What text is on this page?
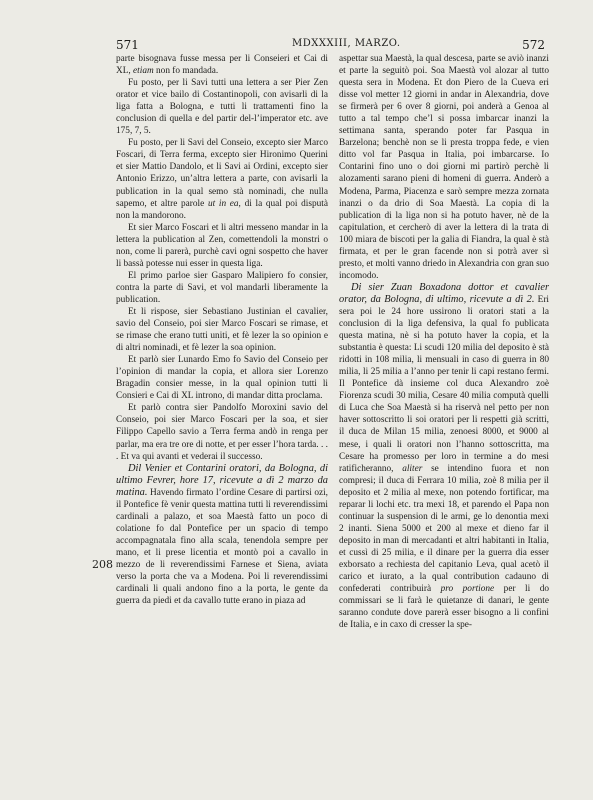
571	MDXXXIII, MARZO.	572
208

parte bisognava fusse messa per li Conseieri et Cai di XL, etiam non fo mandada.

Fu posto, per li Savi tutti una lettera a ser Pier Zen orator et vice bailo di Costantinopoli, con avisarli di la liga fatta a Bologna, e tutti li trattamenti fino la conclusion di quella e del partir del-l’imperator etc. ave 175, 7, 5.

Fu posto, per li Savi del Conseio, excepto sier Marco Foscari, di Terra ferma, excepto sier Hironimo Querini et sier Mattio Dandolo, et li Savi ai Ordini, excepto sier Antonio Erizzo, un’altra lettera a parte, con avisarli la publication in la qual semo stà nominadi, che nulla sapemo, et altre parole ut in ea, di la qual poi disputà non la mandorono.

Et sier Marco Foscari et li altri messeno mandar in la lettera la publication al Zen, comettendoli la monstri o non, come li parerà, purchè cavi ogni sospetto che haver li bassà potesse nui esser in questa liga.

El primo parloe sier Gasparo Malipiero fo consier, contra la parte di Savi, et vol mandarli liberamente la publication.

Et li rispose, sier Sebastiano Justinian el cavalier, savio del Conseio, poi sier Marco Foscari se rimase, et se rimase che erano tutti uniti, et fè lezer la so opinion e di altri nominadi, et fè lezer la soa opinion.

Et parlò sier Lunardo Emo fo Savio del Conseio per l’opinion di mandar la copia, et allora sier Lorenzo Bragadin consier messe, in la qual opinion tutti li Consieri e Cai di XL introno, di mandar ditta proclama.

Et parlò contra sier Pandolfo Moroxini savio del Conseio, poi sier Marco Foscari per la soa, et sier Filippo Capello savio a Terra ferma andò in renga per parlar, ma era tre ore di notte, et per esser l’hora tarda. . . . Et va qui avanti et vederai il successo.

Dil Venier et Contarini oratori, da Bologna, di ultimo Fevrer, hore 17, ricevute a dì 2 marzo da matina. Havendo firmato l’ordine Cesare di partirsi ozi, il Pontefice fè venir questa mattina tutti li reverendissimi cardinali a palazo, et soa Maestà fatto un poco di colatione fo dal Pontefice per un spacio di tempo accompagnatala fino alla scala, tenendola sempre per mano, et li prese licentia et montò poi a cavallo in mezzo de li reverendissimi Farnese et Siena, aviata verso la porta che va a Modena. Poi li reverendissimi cardinali li quali andono fino a la porta, le gente da guerra da piedi et da cavallo tutte erano in piaza ad

aspettar sua Maestà, la qual descesa, parte se aviò inanzi et parte la seguitò poi. Soa Maestà vol alozar al tutto questa sera in Modena. Et don Piero de la Cueva eri disse vol metter 12 giorni in andar in Alexandria, dove se firmerà per 6 over 8 giorni, poi anderà a Genoa al tutto a tal tempo che’l si possa imbarcar inanzi la settimana santa, sperando poter far Pasqua in Barzelona; benchè non se li presta troppa fede, e vien ditto vol far Pasqua in Italia, poi imbarcarse. Io Contarini fino uno o doi giorni mi partirò perchè li alozamenti sarano pieni di homeni di guerra. Anderò a Modena, Parma, Piacenza e sarò sempre mezza zornata inanzi o da drio di Soa Maestà. La copia di la publication di la liga non si ha potuto haver, nè de la capitulation, et cercherò di aver la lettera di la trata di 100 miara de biscoti per la galia di Fiandra, la qual è stà firmata, et per le gran facende non si potrà aver sì presto, et molti vanno driedo in Alexandria con gran suo incomodo.

Di sier Zuan Boxadona dottor et cavalier orator, da Bologna, di ultimo, ricevute a dì 2. Eri sera poi le 24 hore ussirono li oratori stati a la conclusion di la liga defensiva, la qual fo publicata questa matina, nè si ha potuto haver la copia, et la substantia è questa: Li scudi 120 milia del deposito è stà ridotti in 108 milia, li mensuali in caso di guerra in 80 milia, li 25 milia a l’anno per tenir li capi restano fermi. Il Pontefice dà insieme col duca Alexandro zoè Fiorenza scudi 30 milia, Cesare 40 milia computà quelli di Luca che Soa Maestà si ha riservà nel petto per non haver sottoscritto li soi oratori per li respetti già scritti, il duca de Milan 15 milia, zenoesi 8000, et 9000 al mese, i quali li oratori non l’hanno sottoscritta, ma Cesare ha promesso per loro in termine a do mesi ratificheranno, aliter se intendino fuora et non compresi; il duca di Ferrara 10 milia, zoè 8 milia per il deposito et 2 milia al mexe, non potendo fortificar, ma reparar li lochi etc. tra mexi 18, et parendo el Papa non continuar la suspension di le armi, ge lo denontia mexi 2 inanti. Siena 5000 et 200 al mexe et dieno far il deposito in man di mercadanti et altri habitanti in Italia, et cussì di 25 milia, e il dinare per la guerra dia esser exborsato a rechiesta del capitanio Leva, qual acetò il carico et iurato, a la qual contribution cadauno di confederati contribuirà pro portione per li do commissari se li farà le quietanze di danari, le gente saranno condute dove parerà esser bisogno a li confini de Italia, e in caxo di cresser la spe-
